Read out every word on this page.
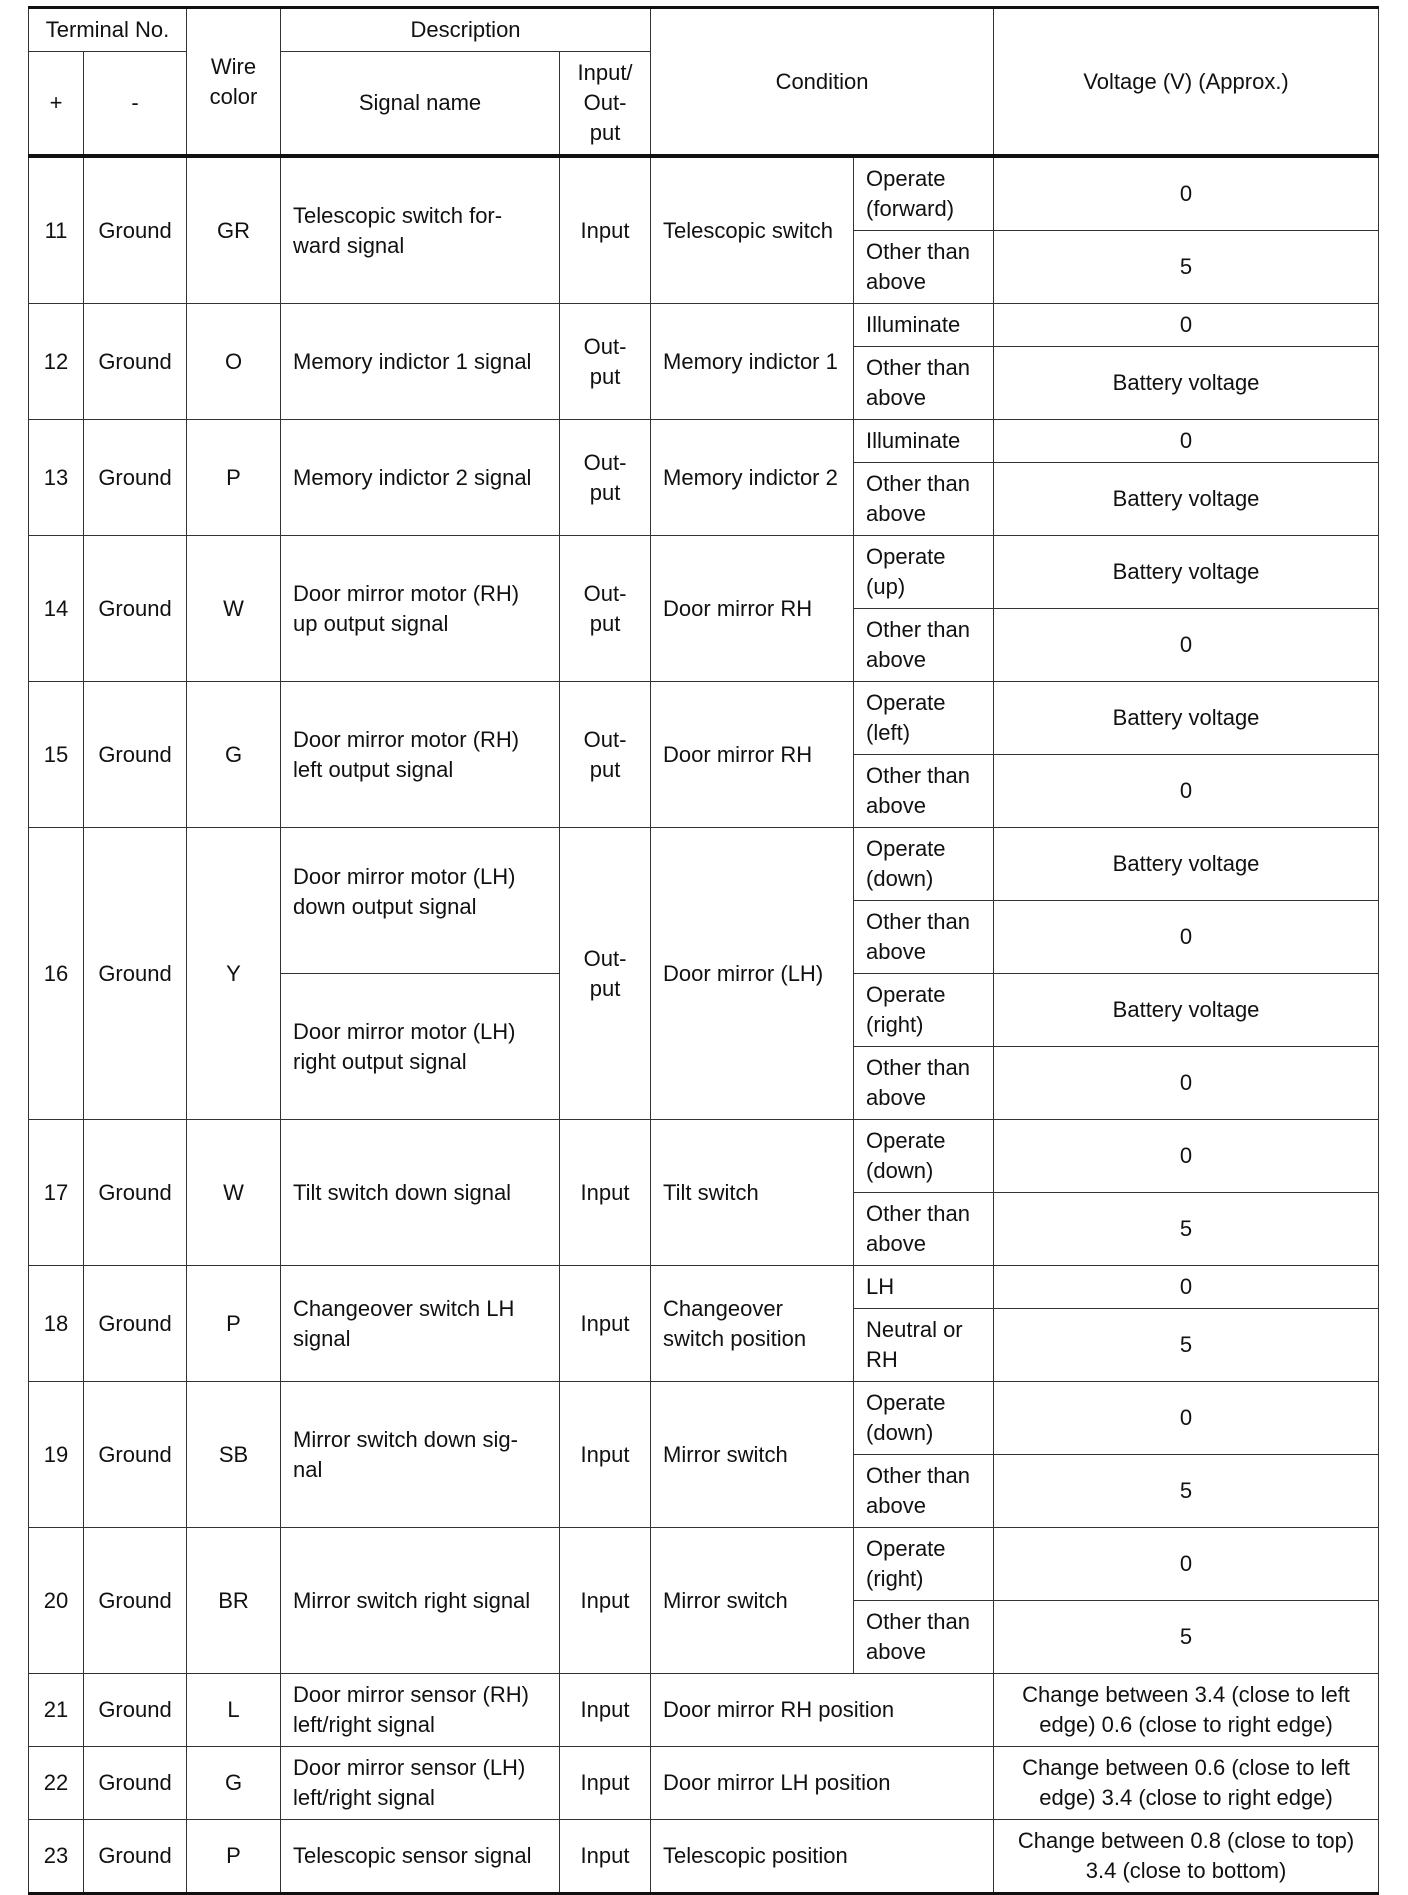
Terminal No.		Wire color	Description		Condition		Voltage (V) (Approx.)
+	-		Signal name	Input/ Out- put			
11	Ground	GR	Telescopic switch for- ward signal	Input	Telescopic switch	Operate (forward)	0
						Other than above	5
12	Ground	O	Memory indictor 1 signal	Out- put	Memory indictor 1	Illuminate	0
						Other than above	Battery voltage
13	Ground	P	Memory indictor 2 signal	Out- put	Memory indictor 2	Illuminate	0
						Other than above	Battery voltage
14	Ground	W	Door mirror motor (RH) up output signal	Out- put	Door mirror RH	Operate (up)	Battery voltage
						Other than above	0
15	Ground	G	Door mirror motor (RH) left output signal	Out- put	Door mirror RH	Operate (left)	Battery voltage
						Other than above	0
16	Ground	Y	Door mirror motor (LH) down output signal	Out- put	Door mirror (LH)	Operate (down)	Battery voltage
						Other than above	0
			Door mirror motor (LH) right output signal			Operate (right)	Battery voltage
						Other than above	0
17	Ground	W	Tilt switch down signal	Input	Tilt switch	Operate (down)	0
						Other than above	5
18	Ground	P	Changeover switch LH signal	Input	Changeover switch position	LH	0
						Neutral or RH	5
19	Ground	SB	Mirror switch down sig- nal	Input	Mirror switch	Operate (down)	0
						Other than above	5
20	Ground	BR	Mirror switch right signal	Input	Mirror switch	Operate (right)	0
						Other than above	5
21	Ground	L	Door mirror sensor (RH) left/right signal	Input	Door mirror RH position		Change between 3.4 (close to left edge) 0.6 (close to right edge)
22	Ground	G	Door mirror sensor (LH) left/right signal	Input	Door mirror LH position		Change between 0.6 (close to left edge) 3.4 (close to right edge)
23	Ground	P	Telescopic sensor signal	Input	Telescopic position		Change between 0.8 (close to top) 3.4 (close to bottom)
